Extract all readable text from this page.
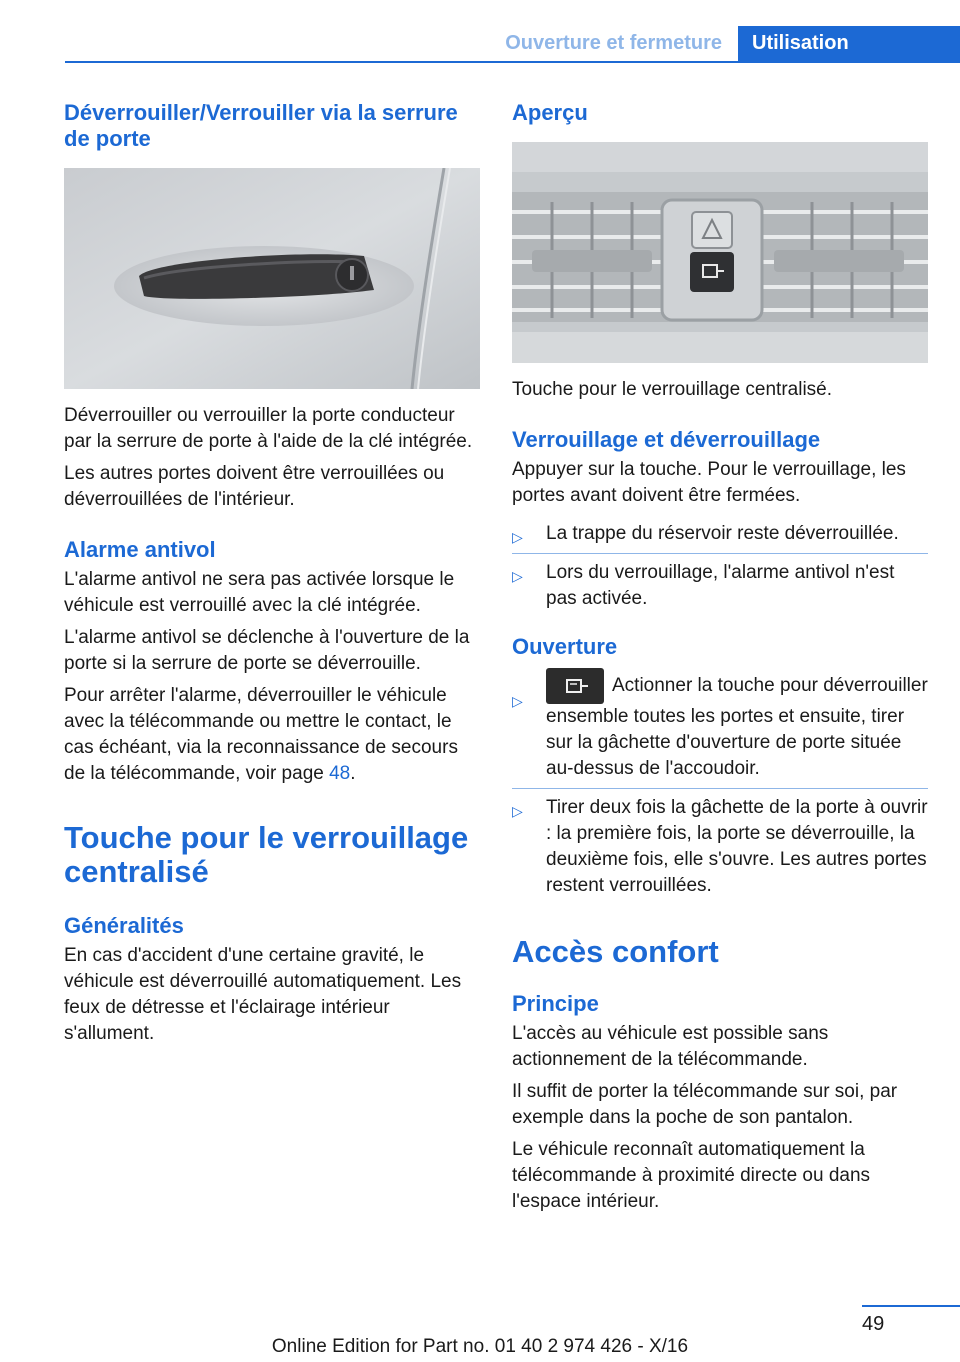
Ouverture et fermeture	Utilisation
Déverrouiller/Verrouiller via la serrure de porte

Déverrouiller ou verrouiller la porte conducteur par la serrure de porte à l'aide de la clé intégrée.

Les autres portes doivent être verrouillées ou déverrouillées de l'intérieur.

Alarme antivol

L'alarme antivol ne sera pas activée lorsque le véhicule est verrouillé avec la clé intégrée.

L'alarme antivol se déclenche à l'ouverture de la porte si la serrure de porte se déverrouille.

Pour arrêter l'alarme, déverrouiller le véhicule avec la télécommande ou mettre le contact, le cas échéant, via la reconnaissance de secours de la télécommande, voir page 48.

Touche pour le verrouillage centralisé
Généralités

En cas d'accident d'une certaine gravité, le véhicule est déverrouillé automatiquement. Les feux de détresse et l'éclairage intérieur s'allument.

Aperçu

Touche pour le verrouillage centralisé.

Verrouillage et déverrouillage

Appuyer sur la touche. Pour le verrouillage, les portes avant doivent être fermées.

▷ La trappe du réservoir reste déverrouillée.
▷ Lors du verrouillage, l'alarme antivol n'est pas activée.
Ouverture
▷
Actionner la touche pour déverrouiller ensemble toutes les portes et ensuite, tirer sur la gâchette d'ouverture de porte située au-dessus de l'accoudoir.
▷ Tirer deux fois la gâchette de la porte à ouvrir : la première fois, la porte se déverrouille, la deuxième fois, elle s'ouvre. Les autres portes restent verrouillées.
Accès confort
Principe

L'accès au véhicule est possible sans actionnement de la télécommande.

Il suffit de porter la télécommande sur soi, par exemple dans la poche de son pantalon.

Le véhicule reconnaît automatiquement la télécommande à proximité directe ou dans l'espace intérieur.

49
Online Edition for Part no. 01 40 2 974 426 - X/16
